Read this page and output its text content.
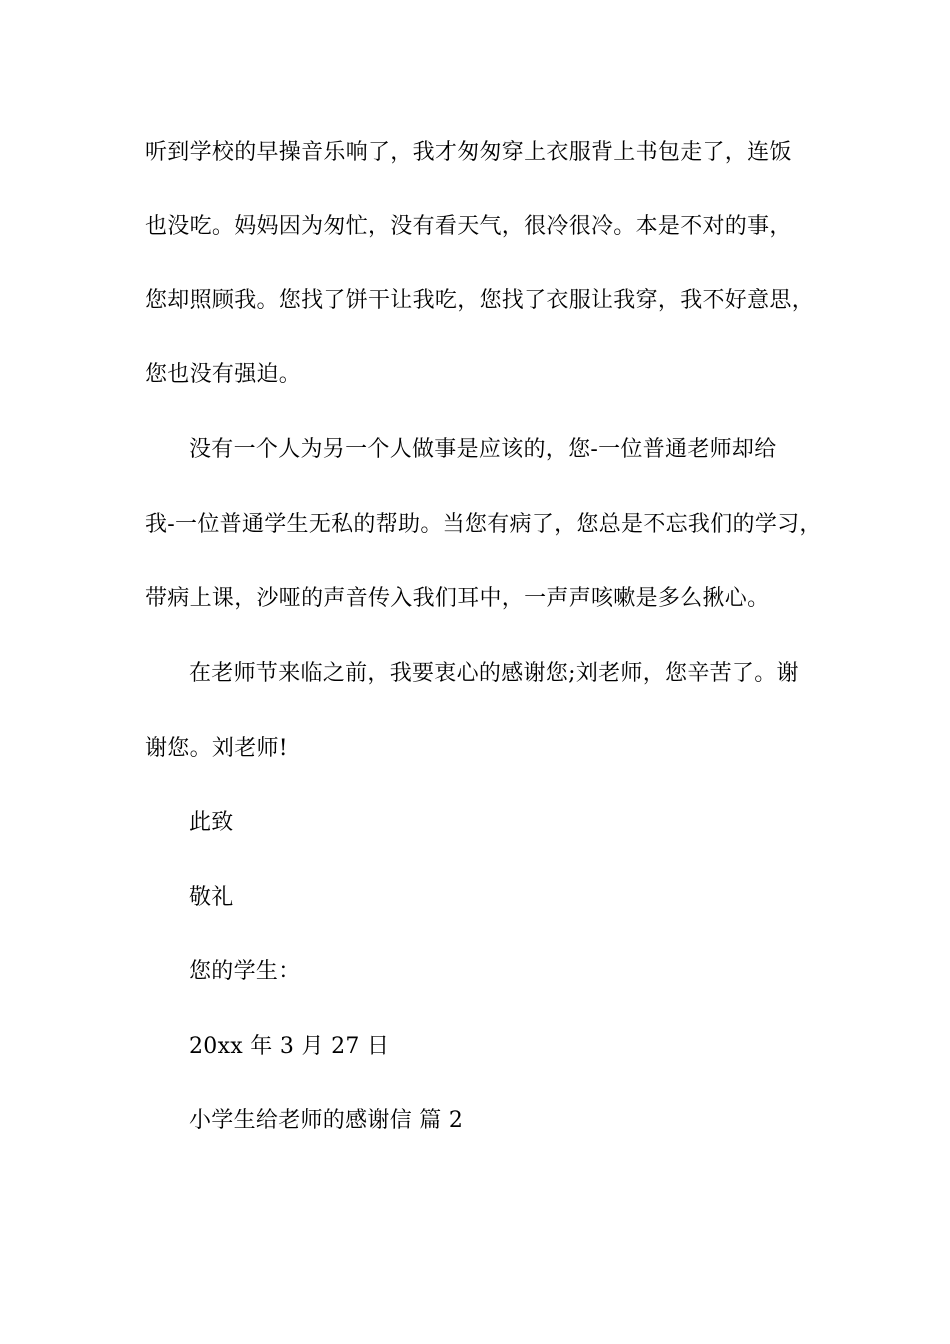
听到学校的早操音乐响了，我才匆匆穿上衣服背上书包走了，连饭

也没吃。妈妈因为匆忙，没有看天气，很冷很冷。本是不对的事，

您却照顾我。您找了饼干让我吃，您找了衣服让我穿，我不好意思，

您也没有强迫。

没有一个人为另一个人做事是应该的，您-一位普通老师却给

我-一位普通学生无私的帮助。当您有病了，您总是不忘我们的学习，

带病上课，沙哑的声音传入我们耳中，一声声咳嗽是多么揪心。

在老师节来临之前，我要衷心的感谢您;刘老师，您辛苦了。谢

谢您。刘老师!

此致

敬礼

您的学生：

20xx 年 3 月 27 日

小学生给老师的感谢信 篇 2
